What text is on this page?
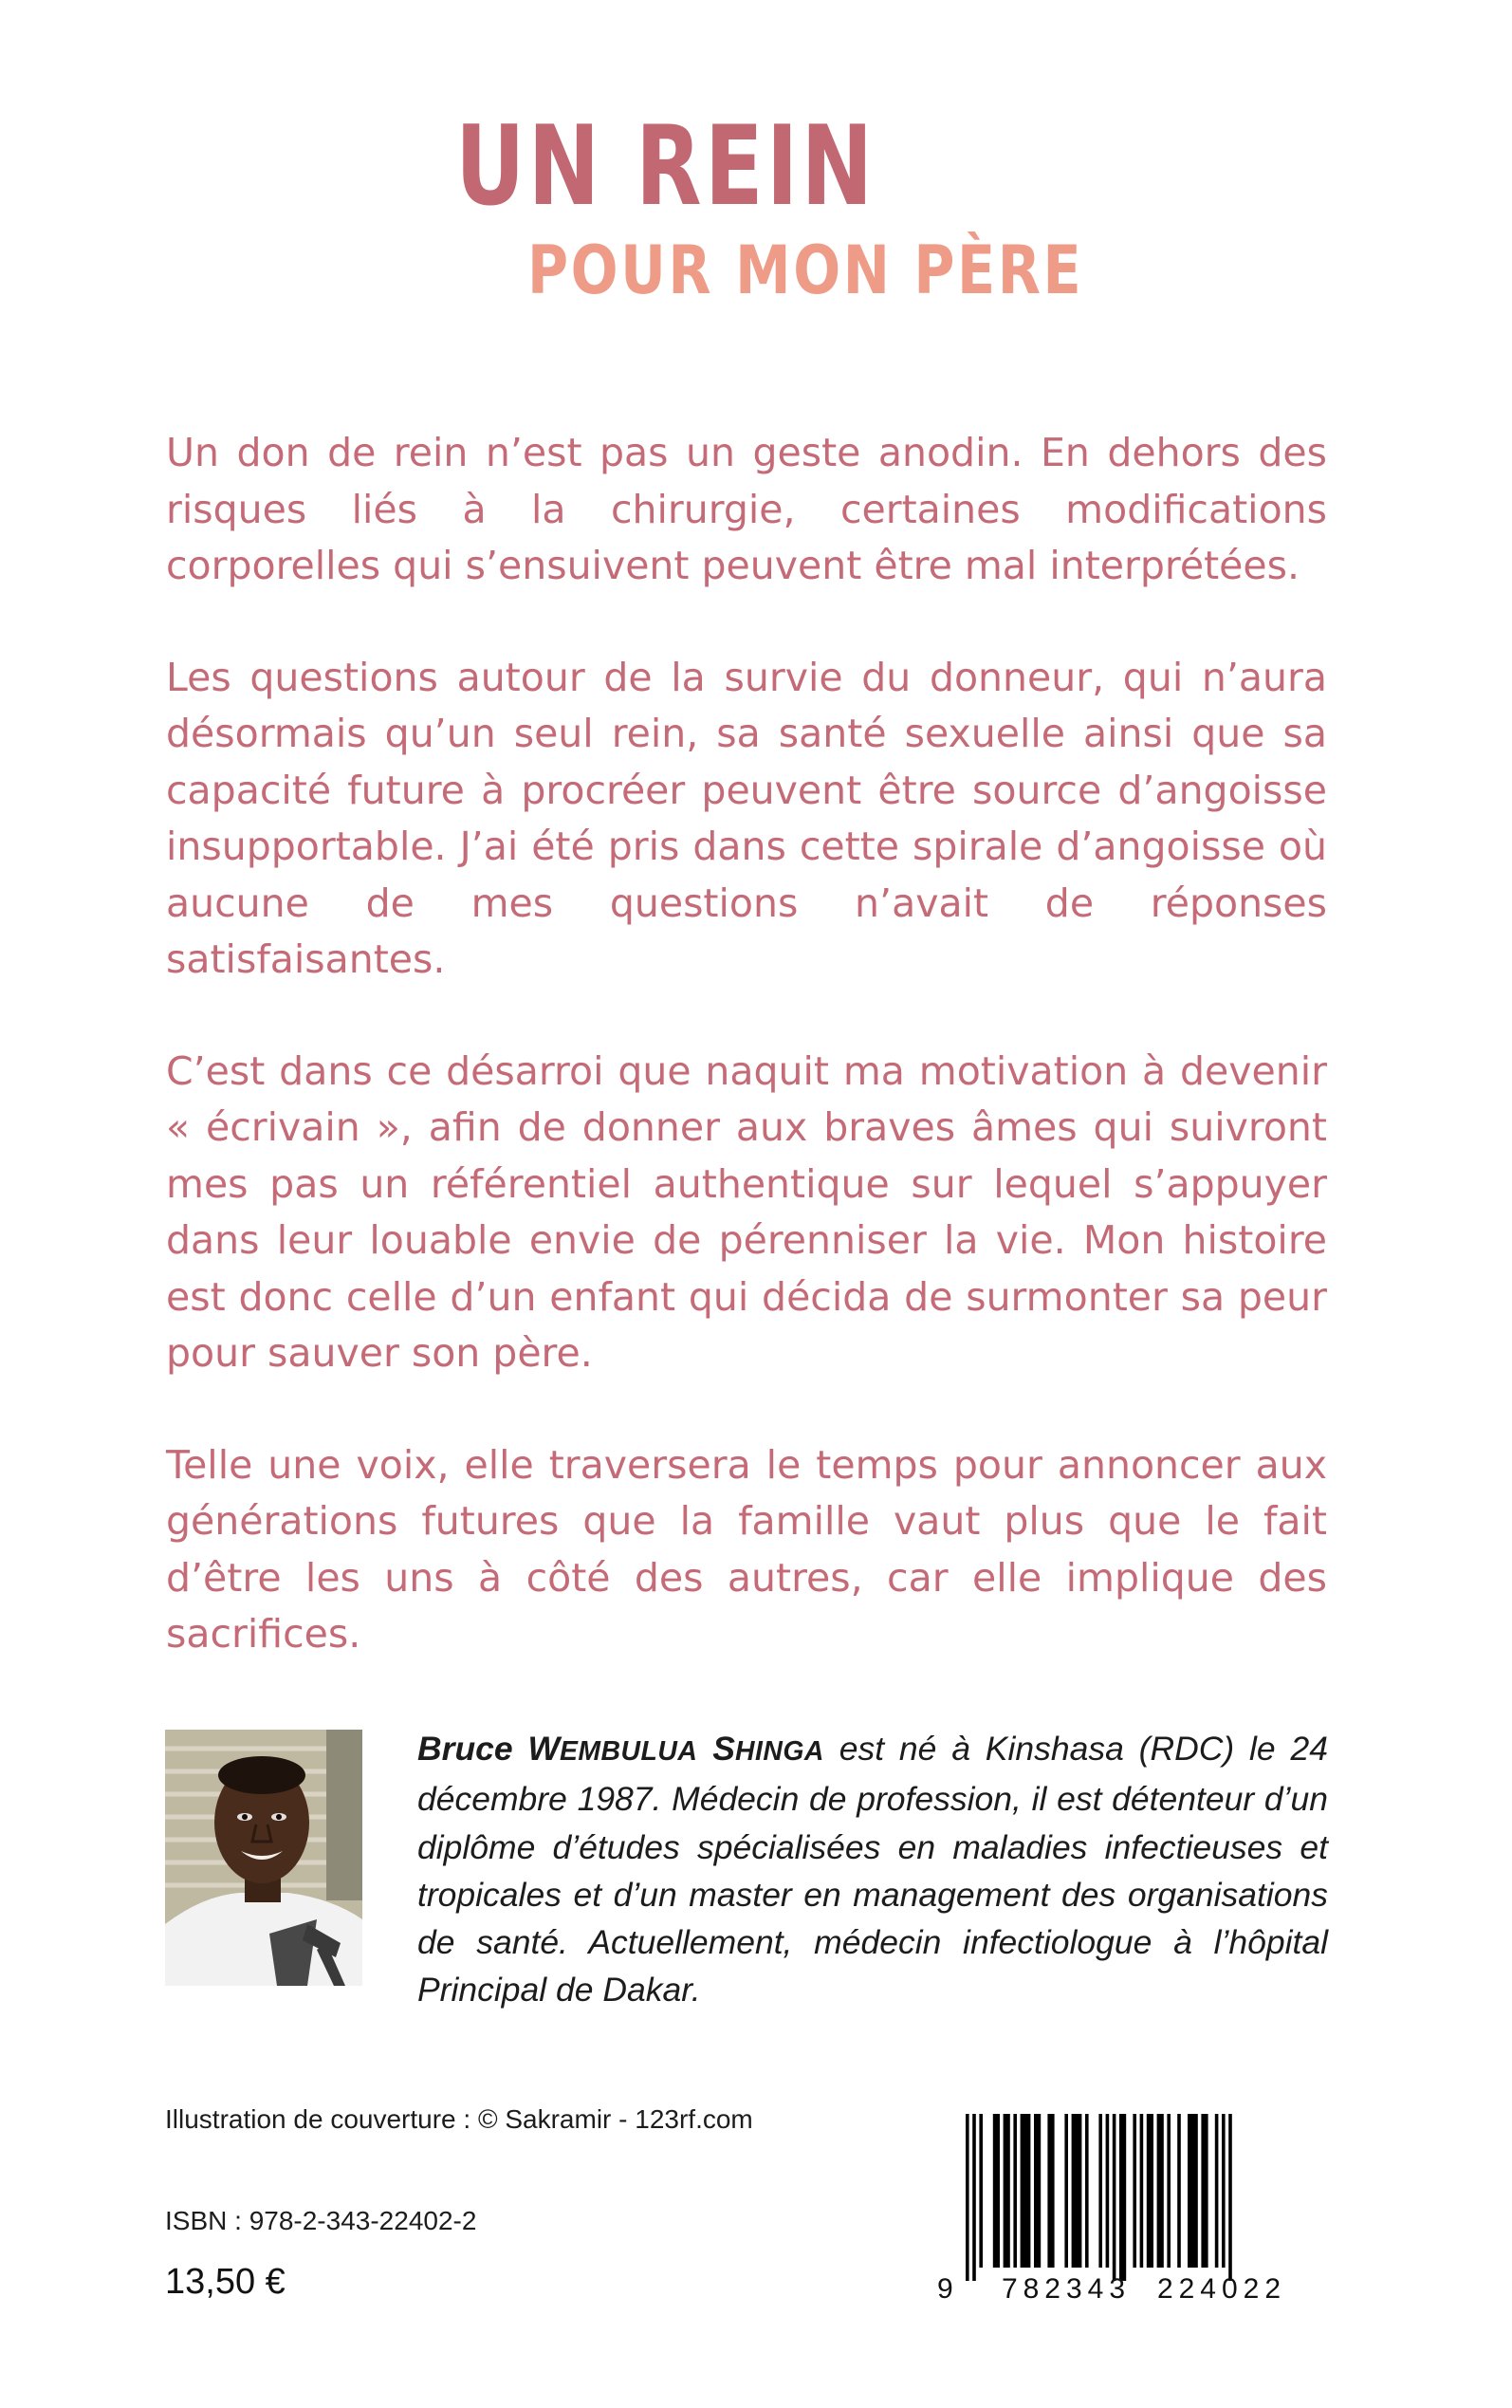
UN REIN
POUR MON PÈRE

Un don de rein n’est pas un geste anodin. En dehors des risques liés à la chirurgie, certaines modifications corporelles qui s’ensuivent peuvent être mal interprétées.

Les questions autour de la survie du donneur, qui n’aura désormais qu’un seul rein, sa santé sexuelle ainsi que sa capacité future à procréer peuvent être source d’angoisse insupportable. J’ai été pris dans cette spirale d’angoisse où aucune de mes questions n’avait de réponses satisfaisantes.

C’est dans ce désarroi que naquit ma motivation à devenir « écrivain », afin de donner aux braves âmes qui suivront mes pas un référentiel authentique sur lequel s’appuyer dans leur louable envie de pérenniser la vie. Mon histoire est donc celle d’un enfant qui décida de surmonter sa peur pour sauver son père.

Telle une voix, elle traversera le temps pour annoncer aux générations futures que la famille vaut plus que le fait d’être les uns à côté des autres, car elle implique des sacrifices.

Bruce WEMBULUA SHINGA est né à Kinshasa (RDC) le 24 décembre 1987. Médecin de profession, il est détenteur d’un diplôme d’études spécialisées en maladies infectieuses et tropicales et d’un master en management des organisations de santé. Actuellement, médecin infectiologue à l’hôpital Principal de Dakar.

Illustration de couverture : © Sakramir - 123rf.com
ISBN : 978-2-343-22402-2
13,50 €	9 782343 224022
